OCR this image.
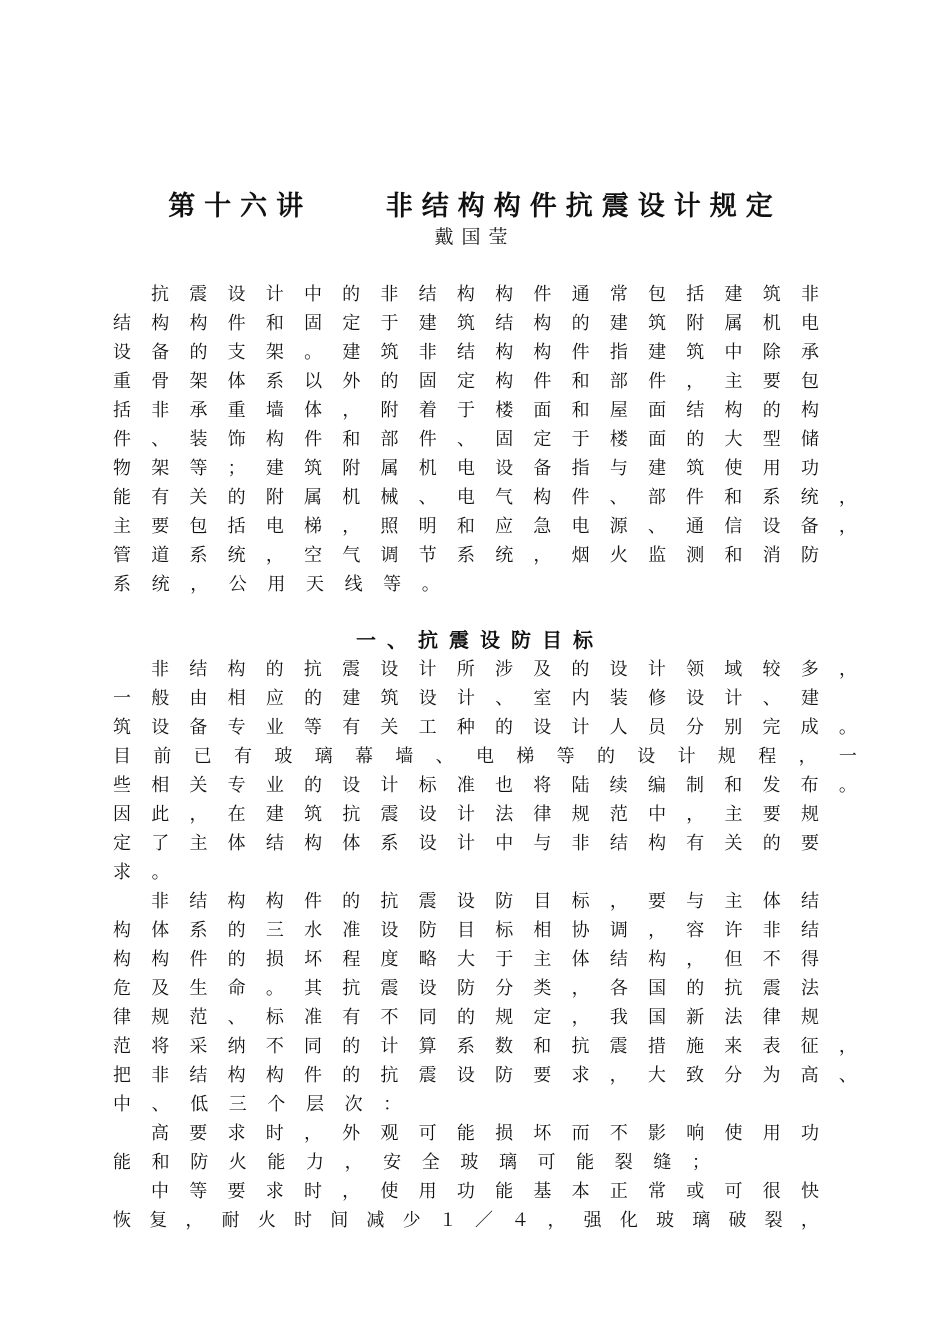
第十六讲    非结构构件抗震设计规定
戴国莹
抗 震 设 计 中 的 非 结 构 构 件 通 常 包 括 建 筑 非
结 构 构 件 和 固 定 于 建 筑 结 构 的 建 筑 附 属 机 电
设 备 的 支 架 。 建 筑 非 结 构 构 件 指 建 筑 中 除 承
重 骨 架 体 系 以 外 的 固 定 构 件 和 部 件 ， 主 要 包
括 非 承 重 墙 体 ， 附 着 于 楼 面 和 屋 面 结 构 的 构
件 、 装 饰 构 件 和 部 件 、 固 定 于 楼 面 的 大 型 储
物 架 等 ； 建 筑 附 属 机 电 设 备 指 与 建 筑 使 用 功
能 有 关 的 附 属 机 械 、 电 气 构 件 、 部 件 和 系 统 ，
主 要 包 括 电 梯 ， 照 明 和 应 急 电 源 、 通 信 设 备 ，
管 道 系 统 ， 空 气 调 节 系 统 ， 烟 火 监 测 和 消 防
系 统 ， 公 用 天 线 等 。
一、抗震设防目标
非 结 构 的 抗 震 设 计 所 涉 及 的 设 计 领 域 较 多 ，
一 般 由 相 应 的 建 筑 设 计 、 室 内 装 修 设 计 、 建
筑 设 备 专 业 等 有 关 工 种 的 设 计 人 员 分 别 完 成 。
目 前 已 有 玻 璃 幕 墙 、 电 梯 等 的 设 计 规 程 ， 一
些 相 关 专 业 的 设 计 标 准 也 将 陆 续 编 制 和 发 布 。
因 此 ， 在 建 筑 抗 震 设 计 法 律 规 范 中 ， 主 要 规
定 了 主 体 结 构 体 系 设 计 中 与 非 结 构 有 关 的 要
求 。
非 结 构 构 件 的 抗 震 设 防 目 标 ， 要 与 主 体 结
构 体 系 的 三 水 准 设 防 目 标 相 协 调 ， 容 许 非 结
构 构 件 的 损 坏 程 度 略 大 于 主 体 结 构 ， 但 不 得
危 及 生 命 。 其 抗 震 设 防 分 类 ， 各 国 的 抗 震 法
律 规 范 、 标 准 有 不 同 的 规 定 ， 我 国 新 法 律 规
范 将 采 纳 不 同 的 计 算 系 数 和 抗 震 措 施 来 表 征 ，
把 非 结 构 构 件 的 抗 震 设 防 要 求 ， 大 致 分 为 高 、
中 、 低 三 个 层 次 ：
高 要 求 时 ， 外 观 可 能 损 坏 而 不 影 响 使 用 功
能 和 防 火 能 力 ， 安 全 玻 璃 可 能 裂 缝 ；
中 等 要 求 时 ， 使 用 功 能 基 本 正 常 或 可 很 快
恢 复 ， 耐 火 时 间 减 少 １ ／ ４ ， 强 化 玻 璃 破 裂 ，
